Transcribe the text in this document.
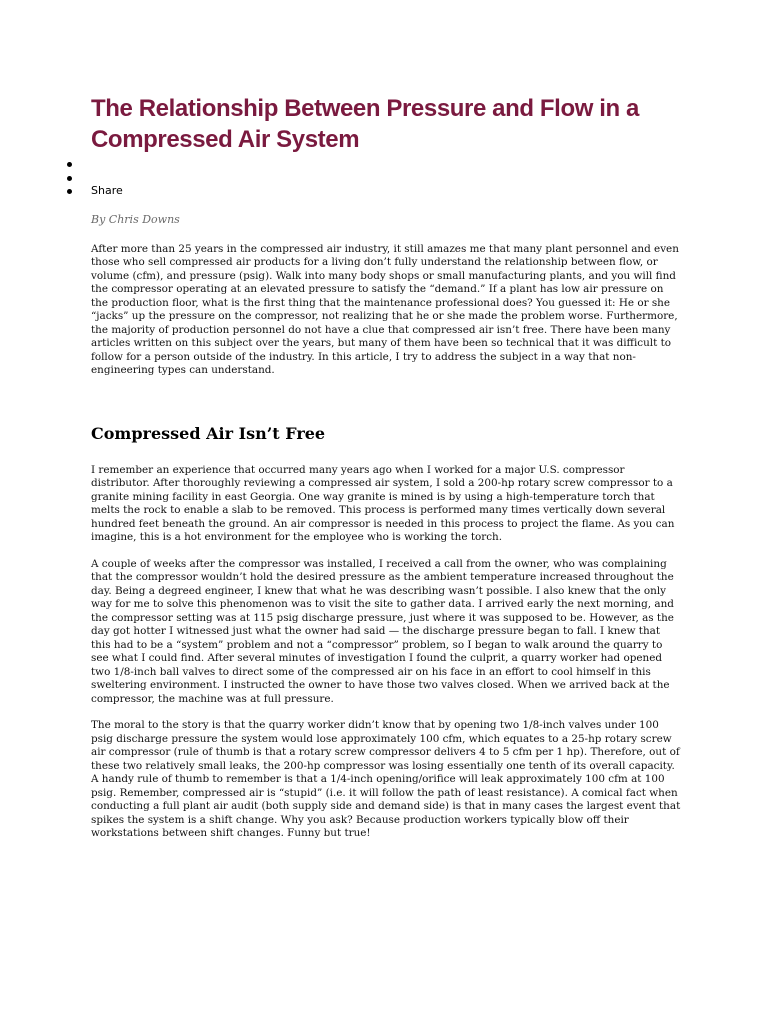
The Relationship Between Pressure and Flow in a Compressed Air System
Share

By Chris Downs

After more than 25 years in the compressed air industry, it still amazes me that many plant personnel and even those who sell compressed air products for a living don’t fully understand the relationship between flow, or volume (cfm), and pressure (psig). Walk into many body shops or small manufacturing plants, and you will find the compressor operating at an elevated pressure to satisfy the “demand.” If a plant has low air pressure on the production floor, what is the first thing that the maintenance professional does? You guessed it: He or she “jacks” up the pressure on the compressor, not realizing that he or she made the problem worse. Furthermore, the majority of production personnel do not have a clue that compressed air isn’t free. There have been many articles written on this subject over the years, but many of them have been so technical that it was difficult to follow for a person outside of the industry. In this article, I try to address the subject in a way that non-engineering types can understand.

Compressed Air Isn’t Free

I remember an experience that occurred many years ago when I worked for a major U.S. compressor distributor. After thoroughly reviewing a compressed air system, I sold a 200-hp rotary screw compressor to a granite mining facility in east Georgia. One way granite is mined is by using a high-temperature torch that melts the rock to enable a slab to be removed. This process is performed many times vertically down several hundred feet beneath the ground. An air compressor is needed in this process to project the flame. As you can imagine, this is a hot environment for the employee who is working the torch.

A couple of weeks after the compressor was installed, I received a call from the owner, who was complaining that the compressor wouldn’t hold the desired pressure as the ambient temperature increased throughout the day. Being a degreed engineer, I knew that what he was describing wasn’t possible. I also knew that the only way for me to solve this phenomenon was to visit the site to gather data. I arrived early the next morning, and the compressor setting was at 115 psig discharge pressure, just where it was supposed to be. However, as the day got hotter I witnessed just what the owner had said — the discharge pressure began to fall. I knew that this had to be a “system” problem and not a “compressor” problem, so I began to walk around the quarry to see what I could find. After several minutes of investigation I found the culprit, a quarry worker had opened two 1/8-inch ball valves to direct some of the compressed air on his face in an effort to cool himself in this sweltering environment. I instructed the owner to have those two valves closed. When we arrived back at the compressor, the machine was at full pressure.

The moral to the story is that the quarry worker didn’t know that by opening two 1/8-inch valves under 100 psig discharge pressure the system would lose approximately 100 cfm, which equates to a 25-hp rotary screw air compressor (rule of thumb is that a rotary screw compressor delivers 4 to 5 cfm per 1 hp). Therefore, out of these two relatively small leaks, the 200-hp compressor was losing essentially one tenth of its overall capacity. A handy rule of thumb to remember is that a 1/4-inch opening/orifice will leak approximately 100 cfm at 100 psig. Remember, compressed air is “stupid” (i.e. it will follow the path of least resistance). A comical fact when conducting a full plant air audit (both supply side and demand side) is that in many cases the largest event that spikes the system is a shift change. Why you ask? Because production workers typically blow off their workstations between shift changes. Funny but true!
